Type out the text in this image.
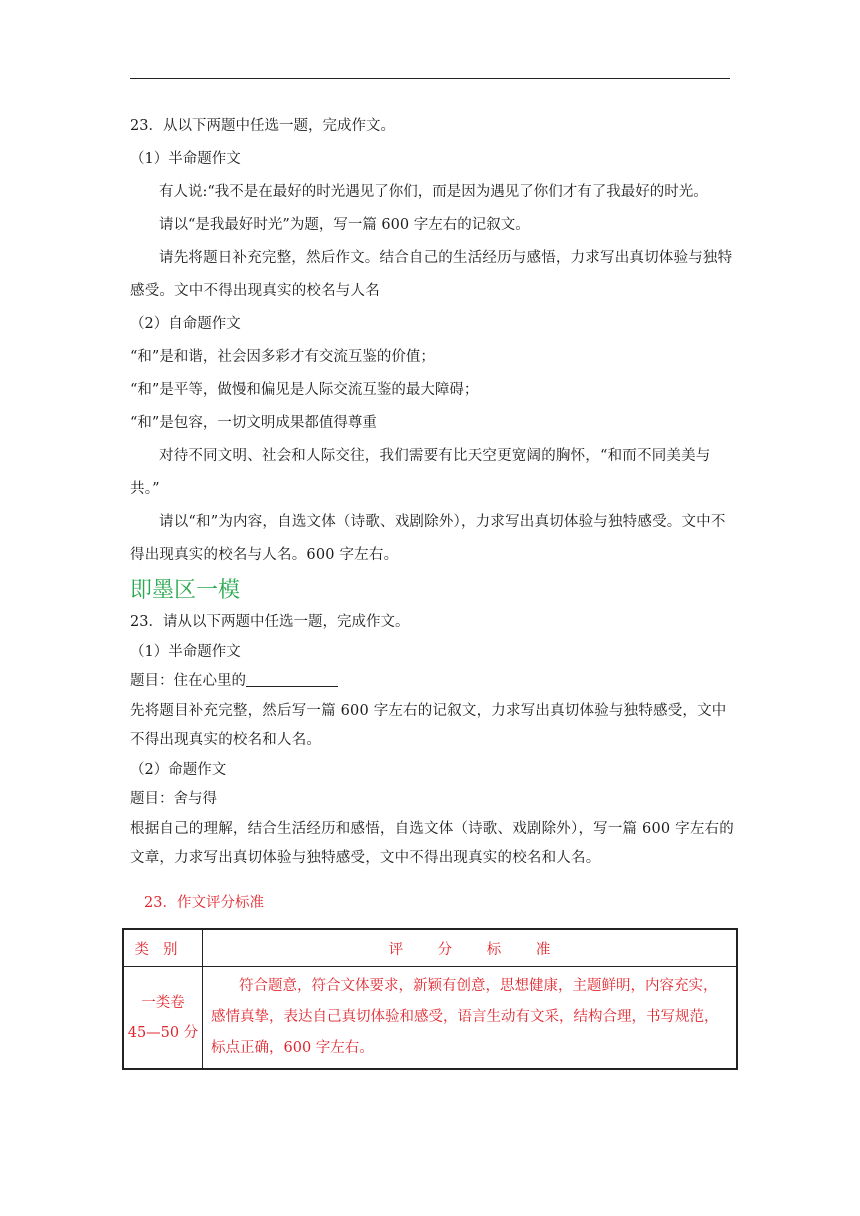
23．从以下两题中任选一题，完成作文。

（1）半命题作文

有人说:“我不是在最好的时光遇见了你们，而是因为遇见了你们才有了我最好的时光。

请以“是我最好时光”为题，写一篇 600 字左右的记叙文。

请先将题日补充完整，然后作文。结合自己的生活经历与感悟，力求写出真切体验与独特感受。文中不得出现真实的校名与人名

（2）自命题作文

“和”是和谐，社会因多彩才有交流互鉴的价值；

“和”是平等，做慢和偏见是人际交流互鉴的最大障碍；

“和”是包容，一切文明成果都值得尊重

对待不同文明、社会和人际交往，我们需要有比天空更宽阔的胸怀，“和而不同美美与共。”

请以“和”为内容，自选文体（诗歌、戏剧除外），力求写出真切体验与独特感受。文中不得出现真实的校名与人名。600 字左右。

即墨区一模

23．请从以下两题中任选一题，完成作文。

（1）半命题作文

题目：住在心里的

先将题目补充完整，然后写一篇 600 字左右的记叙文，力求写出真切体验与独特感受，文中不得出现真实的校名和人名。

（2）命题作文

题目：舍与得

根据自己的理解，结合生活经历和感悟，自选文体（诗歌、戏剧除外），写一篇 600 字左右的文章，力求写出真切体验与独特感受，文中不得出现真实的校名和人名。

23．作文评分标准

类别	评 分 标 准

一类卷
45—50 分	符合题意，符合文体要求，新颖有创意，思想健康，主题鲜明，内容充实，感情真挚，表达自己真切体验和感受，语言生动有文采，结构合理，书写规范，标点正确，600 字左右。
